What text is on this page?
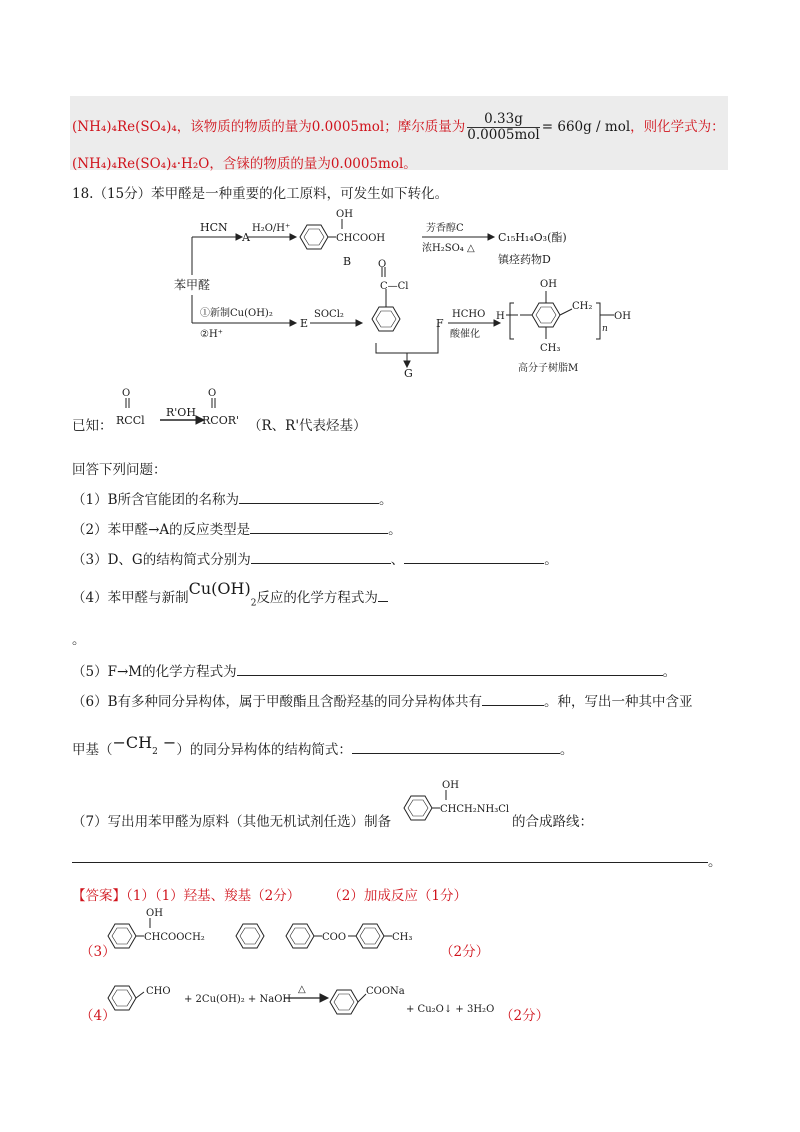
(NH₄)₄Re(SO₄)₄，该物质的物质的量为0.0005mol；摩尔质量为 $\frac{0.33g}{\text{0.0005mol}} = 660g$ / mol，则化学式为：
(NH₄)₄Re(SO₄)₄·H₂O，含铼的物质的量为0.0005mol。
18.（15分）苯甲醛是一种重要的化工原料，可发生如下转化。
HCN
A
H₂O/H⁺
OH
CHCOOH
B
芳香醇C
浓H₂SO₄ △
C₁₅H₁₄O₃(酯)
镇痉药物D
苯甲醛
①新制Cu(OH)₂
②H⁺
E
SOCl₂
O
C—Cl
F
HCHO
酸催化
G
H
OH
CH₂
n
OH
CH₃
高分子树脂M
已知：
O
RCCl
R'OH
O
RCOR' （R、R'代表烃基）
回答下列问题：
（1）B所含官能团的名称为	。
（2）苯甲醛→A的反应类型是	。
（3）D、G的结构简式分别为	、	。
（4）苯甲醛与新制$Cu(OH)_2$反应的化学方程式为
。
（5）F→M的化学方程式为	。
（6）B有多种同分异构体，属于甲酸酯且含酚羟基的同分异构体共有	。种，写出一种其中含亚
甲基（$-CH_2$ −）的同分异构体的结构简式：	。
（7）写出用苯甲醛为原料（其他无机试剂任选）制备
OH
CHCH₂NH₃Cl
的合成路线：
。
【答案】（1）（1）羟基、羧基（2分） （2）加成反应（1分）
（3）
OH
CHCOOCH₂	COO	CH₃
（2分）
（4）
CHO
+ 2Cu(OH)₂ + NaOH
△	COONa
+ Cu₂O↓ + 3H₂O （2分）
